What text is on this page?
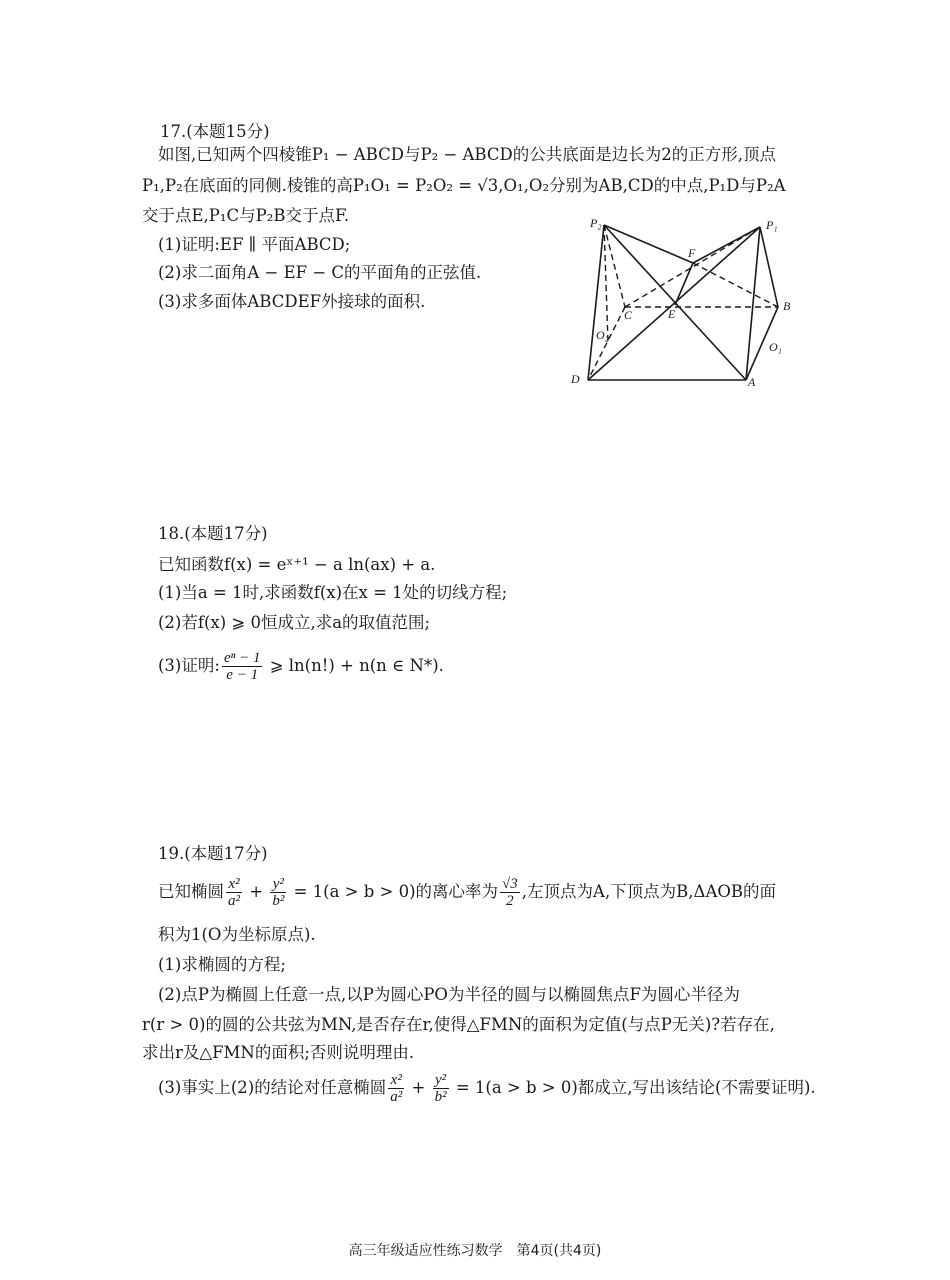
17.(本题15分)
如图,已知两个四棱锥P₁ − ABCD与P₂ − ABCD的公共底面是边长为2的正方形,顶点
P₁,P₂在底面的同侧.棱锥的高P₁O₁ = P₂O₂ = √3,O₁,O₂分别为AB,CD的中点,P₁D与P₂A
交于点E,P₁C与P₂B交于点F.
(1)证明:EF ∥ 平面ABCD;
(2)求二面角A − EF − C的平面角的正弦值.
(3)求多面体ABCDEF外接球的面积.
P₂	P₁
F
C	E
B
O₂
O₁
D	A
18.(本题17分)
已知函数f(x) = eˣ⁺¹ − a ln(ax) + a.
(1)当a = 1时,求函数f(x)在x = 1处的切线方程;
(2)若f(x) ⩾ 0恒成立,求a的取值范围;
(3)证明: $\frac{\text{eⁿ − 1}}{e - 1}$ ⩾ ln(n!) + n(n ∈ N*).
19.(本题17分)
已知椭圆 $\frac{\text{x²}}{\text{a²}} + \frac{\text{y²}}{\text{b²}} = 1(a > b > 0)$的离心率为 $\frac{√3}{2}$ ,左顶点为A,下顶点为B,ΔAOB的面
积为1(O为坐标原点).
(1)求椭圆的方程;
(2)点P为椭圆上任意一点,以P为圆心PO为半径的圆与以椭圆焦点F为圆心半径为
r(r > 0)的圆的公共弦为MN,是否存在r,使得△FMN的面积为定值(与点P无关)?若存在,
求出r及△FMN的面积;否则说明理由.
(3)事实上(2)的结论对任意椭圆 $\frac{\text{x²}}{\text{a²}} + \frac{\text{y²}}{\text{b²}} = 1(a > b > 0)$都成立,写出该结论(不需要证明).
高三年级适应性练习数学　第4页(共4页)
